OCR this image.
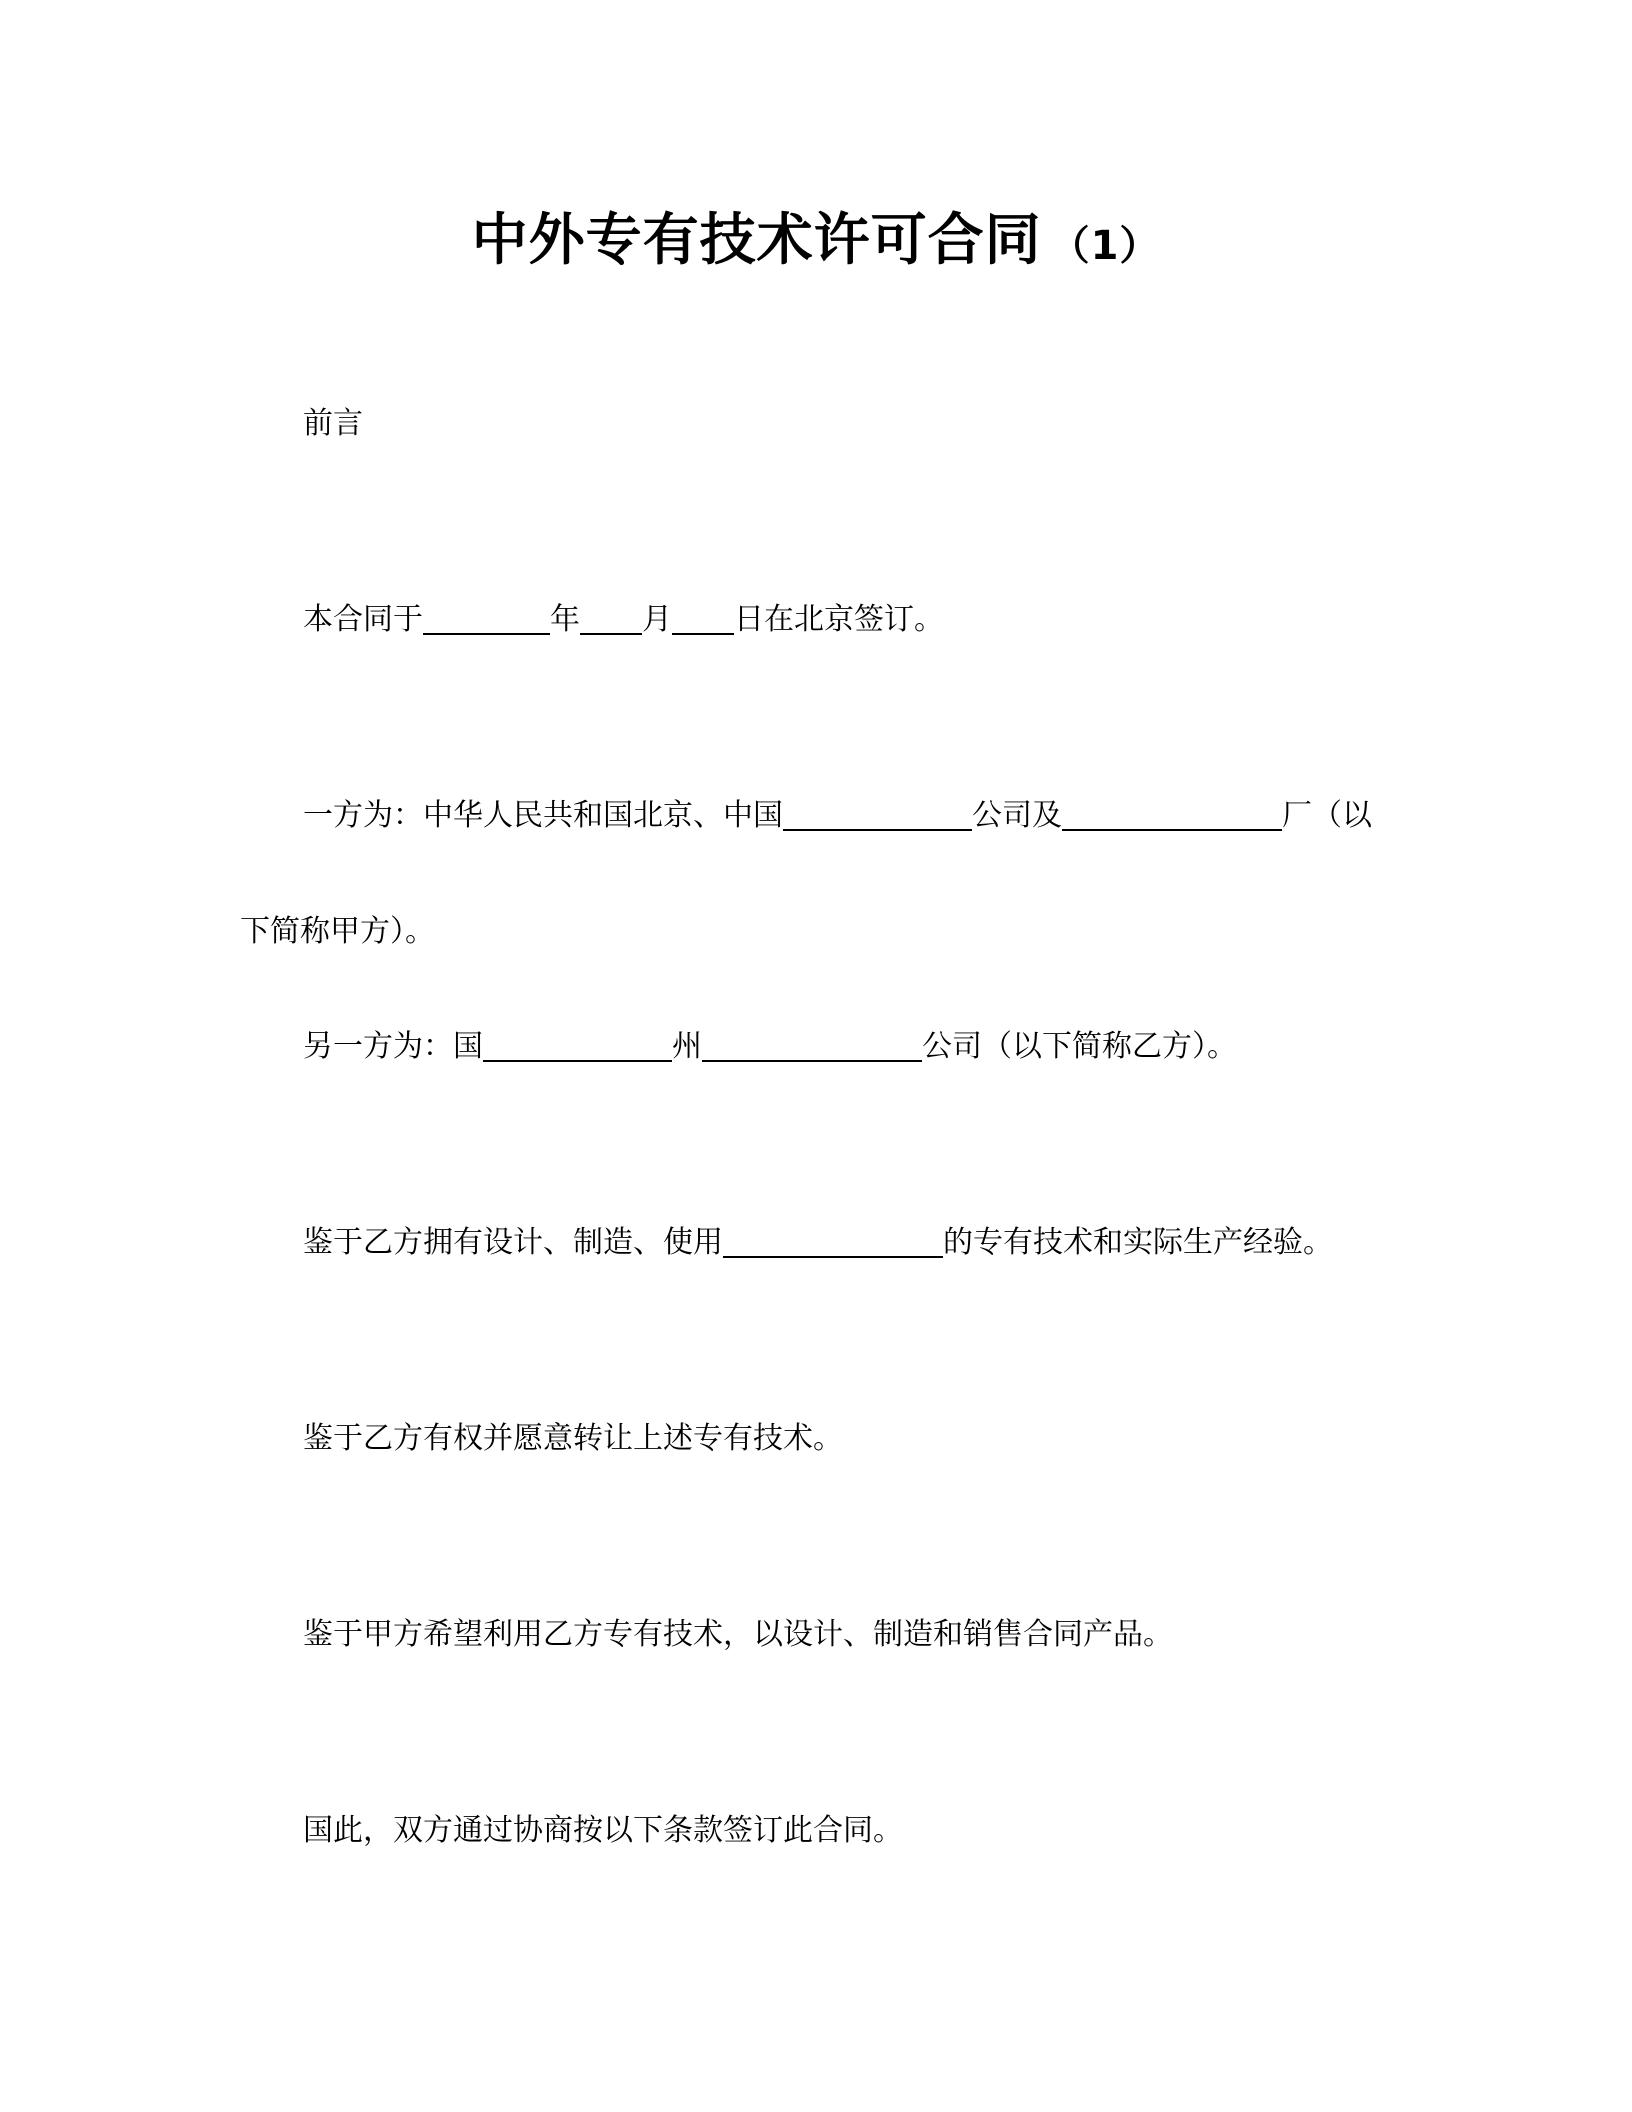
中外专有技术许可合同 （1）
前言
本合同于	年 月 日在北京签订。
一方为：中华人民共和国北京、中国	公司及	厂（以
下简称甲方）。
另一方为：国	州	公司（以下简称乙方）。
鉴于乙方拥有设计、制造、使用	的专有技术和实际生产经验。
鉴于乙方有权并愿意转让上述专有技术。
鉴于甲方希望利用乙方专有技术，以设计、制造和销售合同产品。
国此，双方通过协商按以下条款签订此合同。
